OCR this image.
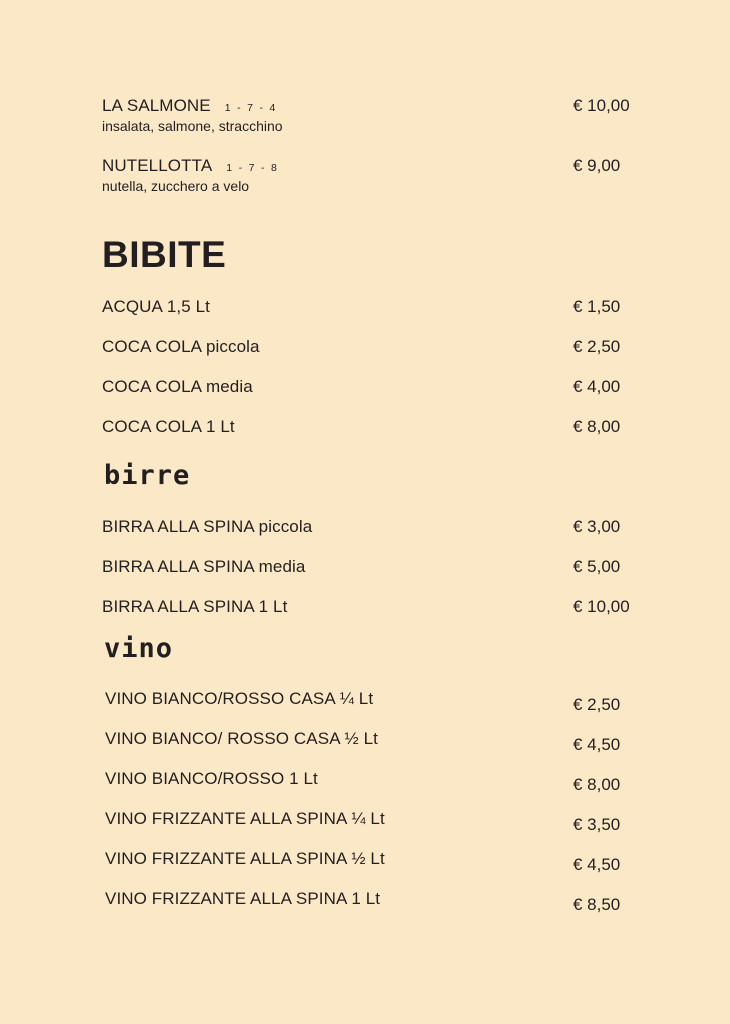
LA SALMONE 1 - 7 - 4
insalata, salmone, stracchino
€ 10,00
NUTELLOTTA 1 - 7 - 8
nutella, zucchero a velo
€ 9,00
BIBITE
ACQUA 1,5 Lt	€ 1,50
COCA COLA piccola	€ 2,50
COCA COLA media	€ 4,00
COCA COLA 1 Lt	€ 8,00
birre
BIRRA ALLA SPINA piccola	€ 3,00
BIRRA ALLA SPINA media	€ 5,00
BIRRA ALLA SPINA 1 Lt	€ 10,00
vino
VINO BIANCO/ROSSO CASA ¼ Lt	€ 2,50
VINO BIANCO/ ROSSO CASA ½ Lt	€ 4,50
VINO BIANCO/ROSSO 1 Lt	€ 8,00
VINO FRIZZANTE ALLA SPINA ¼ Lt	€ 3,50
VINO FRIZZANTE ALLA SPINA ½ Lt	€ 4,50
VINO FRIZZANTE ALLA SPINA 1 Lt	€ 8,50
